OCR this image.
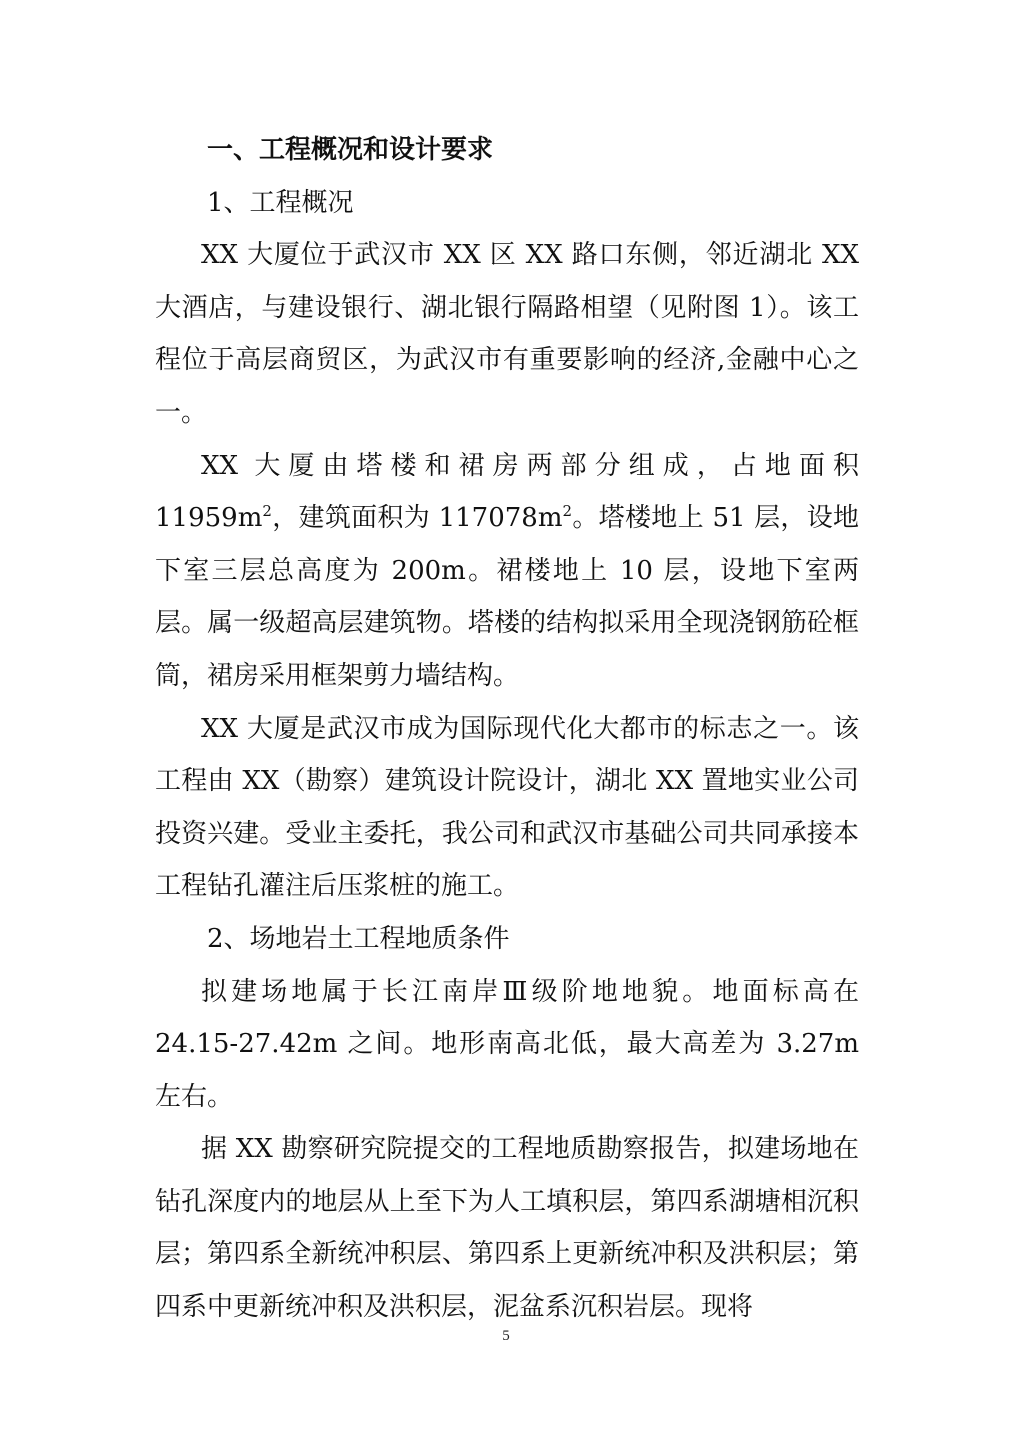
一、工程概况和设计要求
1、工程概况

XX 大厦位于武汉市 XX 区 XX 路口东侧，邻近湖北 XX 大酒店，与建设银行、湖北银行隔路相望（见附图 1）。该工程位于高层商贸区，为武汉市有重要影响的经济,金融中心之一。

XX 大厦由塔楼和裙房两部分组成，占地面积 $11959m^2$，建筑面积为 $117078m^2$。塔楼地上 51 层，设地下室三层总高度为 200m。裙楼地上 10 层，设地下室两层。属一级超高层建筑物。塔楼的结构拟采用全现浇钢筋砼框筒，裙房采用框架剪力墙结构。

XX 大厦是武汉市成为国际现代化大都市的标志之一。该工程由 XX（勘察）建筑设计院设计，湖北 XX 置地实业公司投资兴建。受业主委托，我公司和武汉市基础公司共同承接本工程钻孔灌注后压浆桩的施工。

2、场地岩土工程地质条件

拟建场地属于长江南岸Ⅲ级阶地地貌。地面标高在 24.15-27.42m 之间。地形南高北低，最大高差为 3.27m 左右。

据 XX 勘察研究院提交的工程地质勘察报告，拟建场地在钻孔深度内的地层从上至下为人工填积层，第四系湖塘相沉积层；第四系全新统冲积层、第四系上更新统冲积及洪积层；第四系中更新统冲积及洪积层，泥盆系沉积岩层。现将

5
